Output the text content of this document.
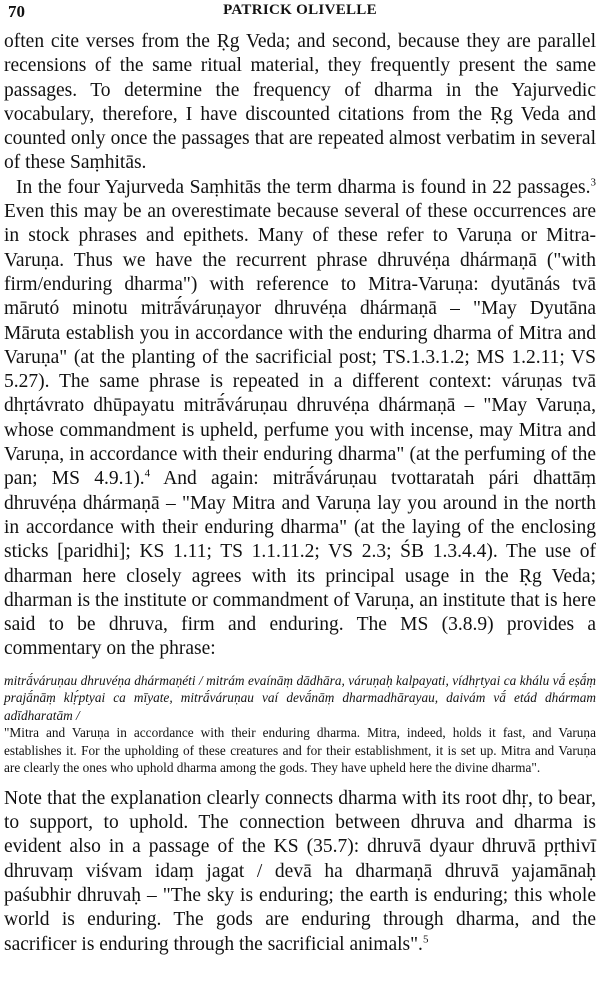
70	PATRICK OLIVELLE

often cite verses from the Ṛg Veda; and second, because they are parallel recensions of the same ritual material, they frequently present the same passages. To determine the frequency of dharma in the Yajurvedic vocabulary, therefore, I have discounted citations from the Ṛg Veda and counted only once the passages that are repeated almost verbatim in several of these Saṃhitās.

In the four Yajurveda Saṃhitās the term dharma is found in 22 passages.$^3$ Even this may be an overestimate because several of these occurrences are in stock phrases and epithets. Many of these refer to Varuṇa or Mitra-Varuṇa. Thus we have the recurrent phrase dhruvéṇa dhármaṇā ("with firm/enduring dharma") with reference to Mitra-Varuṇa: dyutānás tvā mārutó minotu mitrā́váruṇayor dhruvéṇa dhármaṇā – "May Dyutāna Māruta establish you in accordance with the enduring dharma of Mitra and Varuṇa" (at the planting of the sacrificial post; TS.1.3.1.2; MS 1.2.11; VS 5.27). The same phrase is repeated in a different context: váruṇas tvā dhṛtávrato dhūpayatu mitrā́váruṇau dhruvéṇa dhármaṇā – "May Varuṇa, whose commandment is upheld, perfume you with incense, may Mitra and Varuṇa, in accordance with their enduring dharma" (at the perfuming of the pan; MS 4.9.1).$^4$ And again: mitrā́váruṇau tvottaratah pári dhattāṃ dhruvéṇa dhármaṇā – "May Mitra and Varuṇa lay you around in the north in accordance with their enduring dharma" (at the laying of the enclosing sticks [paridhi]; KS 1.11; TS 1.1.11.2; VS 2.3; ŚB 1.3.4.4). The use of dharman here closely agrees with its principal usage in the Ṛg Veda; dharman is the institute or commandment of Varuṇa, an institute that is here said to be dhruva, firm and enduring. The MS (3.8.9) provides a commentary on the phrase:

mitrā́váruṇau dhruvéṇa dhármaṇéti / mitrám evaínāṃ dādhāra, váruṇaḥ kalpayati, vídhṛtyai ca khálu vā́ eṣā́ṃ prajā́nāṃ klṛ́ptyai ca mīyate, mitrā́váruṇau vaí devā́nāṃ dharmadhārayau, daivám vā́ etád dhármam adīdharatām /
"Mitra and Varuṇa in accordance with their enduring dharma. Mitra, indeed, holds it fast, and Varuṇa establishes it. For the upholding of these creatures and for their establishment, it is set up. Mitra and Varuṇa are clearly the ones who uphold dharma among the gods. They have upheld here the divine dharma".

Note that the explanation clearly connects dharma with its root dhṛ, to bear, to support, to uphold. The connection between dhruva and dharma is evident also in a passage of the KS (35.7): dhruvā dyaur dhruvā pṛthivī dhruvaṃ viśvam idaṃ jagat / devā ha dharmaṇā dhruvā yajamānaḥ paśubhir dhruvaḥ – "The sky is enduring; the earth is enduring; this whole world is enduring. The gods are enduring through dharma, and the sacrificer is enduring through the sacrificial animals".$^5$
